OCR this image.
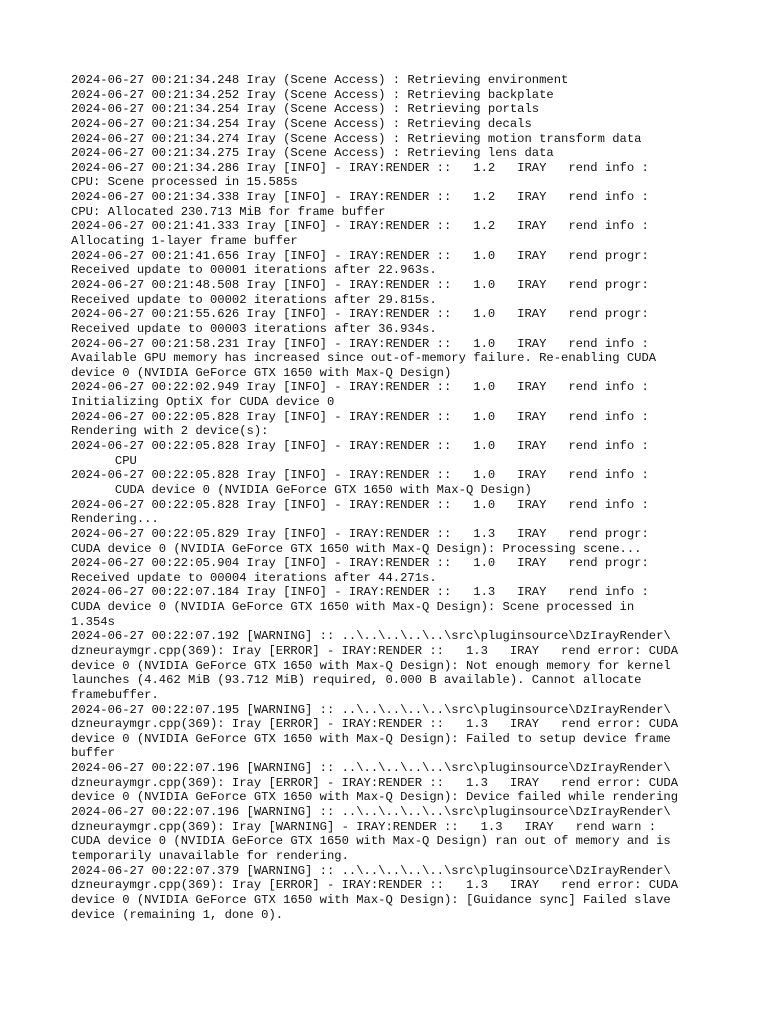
2024-06-27 00:21:34.248 Iray (Scene Access) : Retrieving environment
2024-06-27 00:21:34.252 Iray (Scene Access) : Retrieving backplate
2024-06-27 00:21:34.254 Iray (Scene Access) : Retrieving portals
2024-06-27 00:21:34.254 Iray (Scene Access) : Retrieving decals
2024-06-27 00:21:34.274 Iray (Scene Access) : Retrieving motion transform data
2024-06-27 00:21:34.275 Iray (Scene Access) : Retrieving lens data
2024-06-27 00:21:34.286 Iray [INFO] - IRAY:RENDER ::   1.2   IRAY   rend info :
CPU: Scene processed in 15.585s
2024-06-27 00:21:34.338 Iray [INFO] - IRAY:RENDER ::   1.2   IRAY   rend info :
CPU: Allocated 230.713 MiB for frame buffer
2024-06-27 00:21:41.333 Iray [INFO] - IRAY:RENDER ::   1.2   IRAY   rend info :
Allocating 1-layer frame buffer
2024-06-27 00:21:41.656 Iray [INFO] - IRAY:RENDER ::   1.0   IRAY   rend progr:
Received update to 00001 iterations after 22.963s.
2024-06-27 00:21:48.508 Iray [INFO] - IRAY:RENDER ::   1.0   IRAY   rend progr:
Received update to 00002 iterations after 29.815s.
2024-06-27 00:21:55.626 Iray [INFO] - IRAY:RENDER ::   1.0   IRAY   rend progr:
Received update to 00003 iterations after 36.934s.
2024-06-27 00:21:58.231 Iray [INFO] - IRAY:RENDER ::   1.0   IRAY   rend info :
Available GPU memory has increased since out-of-memory failure. Re-enabling CUDA
device 0 (NVIDIA GeForce GTX 1650 with Max-Q Design)
2024-06-27 00:22:02.949 Iray [INFO] - IRAY:RENDER ::   1.0   IRAY   rend info :
Initializing OptiX for CUDA device 0
2024-06-27 00:22:05.828 Iray [INFO] - IRAY:RENDER ::   1.0   IRAY   rend info :
Rendering with 2 device(s):
2024-06-27 00:22:05.828 Iray [INFO] - IRAY:RENDER ::   1.0   IRAY   rend info :
CPU
2024-06-27 00:22:05.828 Iray [INFO] - IRAY:RENDER ::   1.0   IRAY   rend info :
CUDA device 0 (NVIDIA GeForce GTX 1650 with Max-Q Design)
2024-06-27 00:22:05.828 Iray [INFO] - IRAY:RENDER ::   1.0   IRAY   rend info :
Rendering...
2024-06-27 00:22:05.829 Iray [INFO] - IRAY:RENDER ::   1.3   IRAY   rend progr:
CUDA device 0 (NVIDIA GeForce GTX 1650 with Max-Q Design): Processing scene...
2024-06-27 00:22:05.904 Iray [INFO] - IRAY:RENDER ::   1.0   IRAY   rend progr:
Received update to 00004 iterations after 44.271s.
2024-06-27 00:22:07.184 Iray [INFO] - IRAY:RENDER ::   1.3   IRAY   rend info :
CUDA device 0 (NVIDIA GeForce GTX 1650 with Max-Q Design): Scene processed in
1.354s
2024-06-27 00:22:07.192 [WARNING] :: ..\..\..\..\..\src\pluginsource\DzIrayRender\
dzneuraymgr.cpp(369): Iray [ERROR] - IRAY:RENDER ::   1.3   IRAY   rend error: CUDA
device 0 (NVIDIA GeForce GTX 1650 with Max-Q Design): Not enough memory for kernel
launches (4.462 MiB (93.712 MiB) required, 0.000 B available). Cannot allocate
framebuffer.
2024-06-27 00:22:07.195 [WARNING] :: ..\..\..\..\..\src\pluginsource\DzIrayRender\
dzneuraymgr.cpp(369): Iray [ERROR] - IRAY:RENDER ::   1.3   IRAY   rend error: CUDA
device 0 (NVIDIA GeForce GTX 1650 with Max-Q Design): Failed to setup device frame
buffer
2024-06-27 00:22:07.196 [WARNING] :: ..\..\..\..\..\src\pluginsource\DzIrayRender\
dzneuraymgr.cpp(369): Iray [ERROR] - IRAY:RENDER ::   1.3   IRAY   rend error: CUDA
device 0 (NVIDIA GeForce GTX 1650 with Max-Q Design): Device failed while rendering
2024-06-27 00:22:07.196 [WARNING] :: ..\..\..\..\..\src\pluginsource\DzIrayRender\
dzneuraymgr.cpp(369): Iray [WARNING] - IRAY:RENDER ::   1.3   IRAY   rend warn :
CUDA device 0 (NVIDIA GeForce GTX 1650 with Max-Q Design) ran out of memory and is
temporarily unavailable for rendering.
2024-06-27 00:22:07.379 [WARNING] :: ..\..\..\..\..\src\pluginsource\DzIrayRender\
dzneuraymgr.cpp(369): Iray [ERROR] - IRAY:RENDER ::   1.3   IRAY   rend error: CUDA
device 0 (NVIDIA GeForce GTX 1650 with Max-Q Design): [Guidance sync] Failed slave
device (remaining 1, done 0).
